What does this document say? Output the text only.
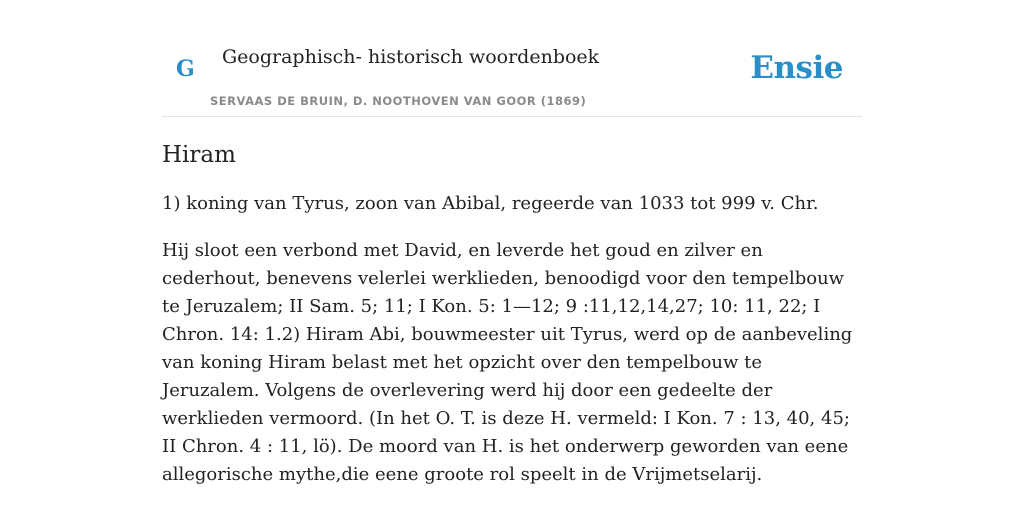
G Geographisch- historisch woordenboek
SERVAAS DE BRUIN, D. NOOTHOVEN VAN GOOR (1869)
Ensie
Hiram

1) koning van Tyrus, zoon van Abibal, regeerde van 1033 tot 999 v. Chr.

Hij sloot een verbond met David, en leverde het goud en zilver en cederhout, benevens velerlei werklieden, benoodigd voor den tempelbouw te Jeruzalem; II Sam. 5; 11; I Kon. 5: 1—12; 9 :11,12,14,27; 10: 11, 22; I Chron. 14: 1.2) Hiram Abi, bouwmeester uit Tyrus, werd op de aanbeveling van koning Hiram belast met het opzicht over den tempelbouw te Jeruzalem. Volgens de overlevering werd hij door een gedeelte der werklieden vermoord. (In het O. T. is deze H. vermeld: I Kon. 7 : 13, 40, 45; II Chron. 4 : 11, lö). De moord van H. is het onderwerp geworden van eene allegorische mythe,die eene groote rol speelt in de Vrijmetselarij.
